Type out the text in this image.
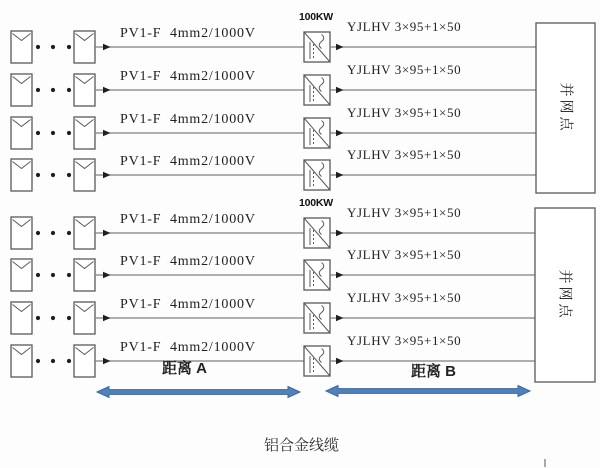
100KW
PV1-F  4mm2/1000V
PV1-F  4mm2/1000V
PV1-F  4mm2/1000V
PV1-F  4mm2/1000V
YJLHV 3×95+1×50
YJLHV 3×95+1×50
YJLHV 3×95+1×50
YJLHV 3×95+1×50
并网点
100KW
PV1-F  4mm2/1000V
PV1-F  4mm2/1000V
PV1-F  4mm2/1000V
PV1-F  4mm2/1000V
YJLHV 3×95+1×50
YJLHV 3×95+1×50
YJLHV 3×95+1×50
YJLHV 3×95+1×50
并网点
距离 A	距离 B
铝合金线缆
